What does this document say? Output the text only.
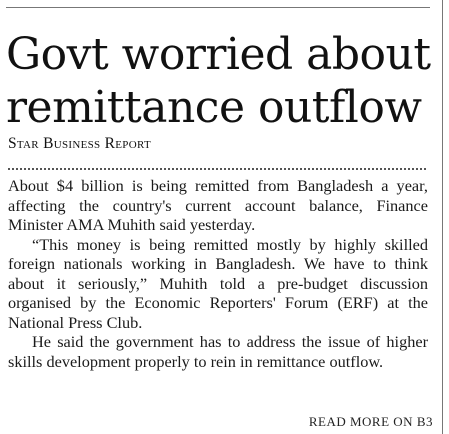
Govt worried about
remittance outflow
Star Business Report

About $4 billion is being remitted from Bangladesh a year, affecting the country's current account balance, Finance Minister AMA Muhith said yesterday.

“This money is being remitted mostly by highly skilled foreign nationals working in Bangladesh. We have to think about it seriously,” Muhith told a pre-budget discussion organised by the Economic Reporters' Forum (ERF) at the National Press Club.

He said the government has to address the issue of higher skills development properly to rein in remittance outflow.

READ MORE ON B3
